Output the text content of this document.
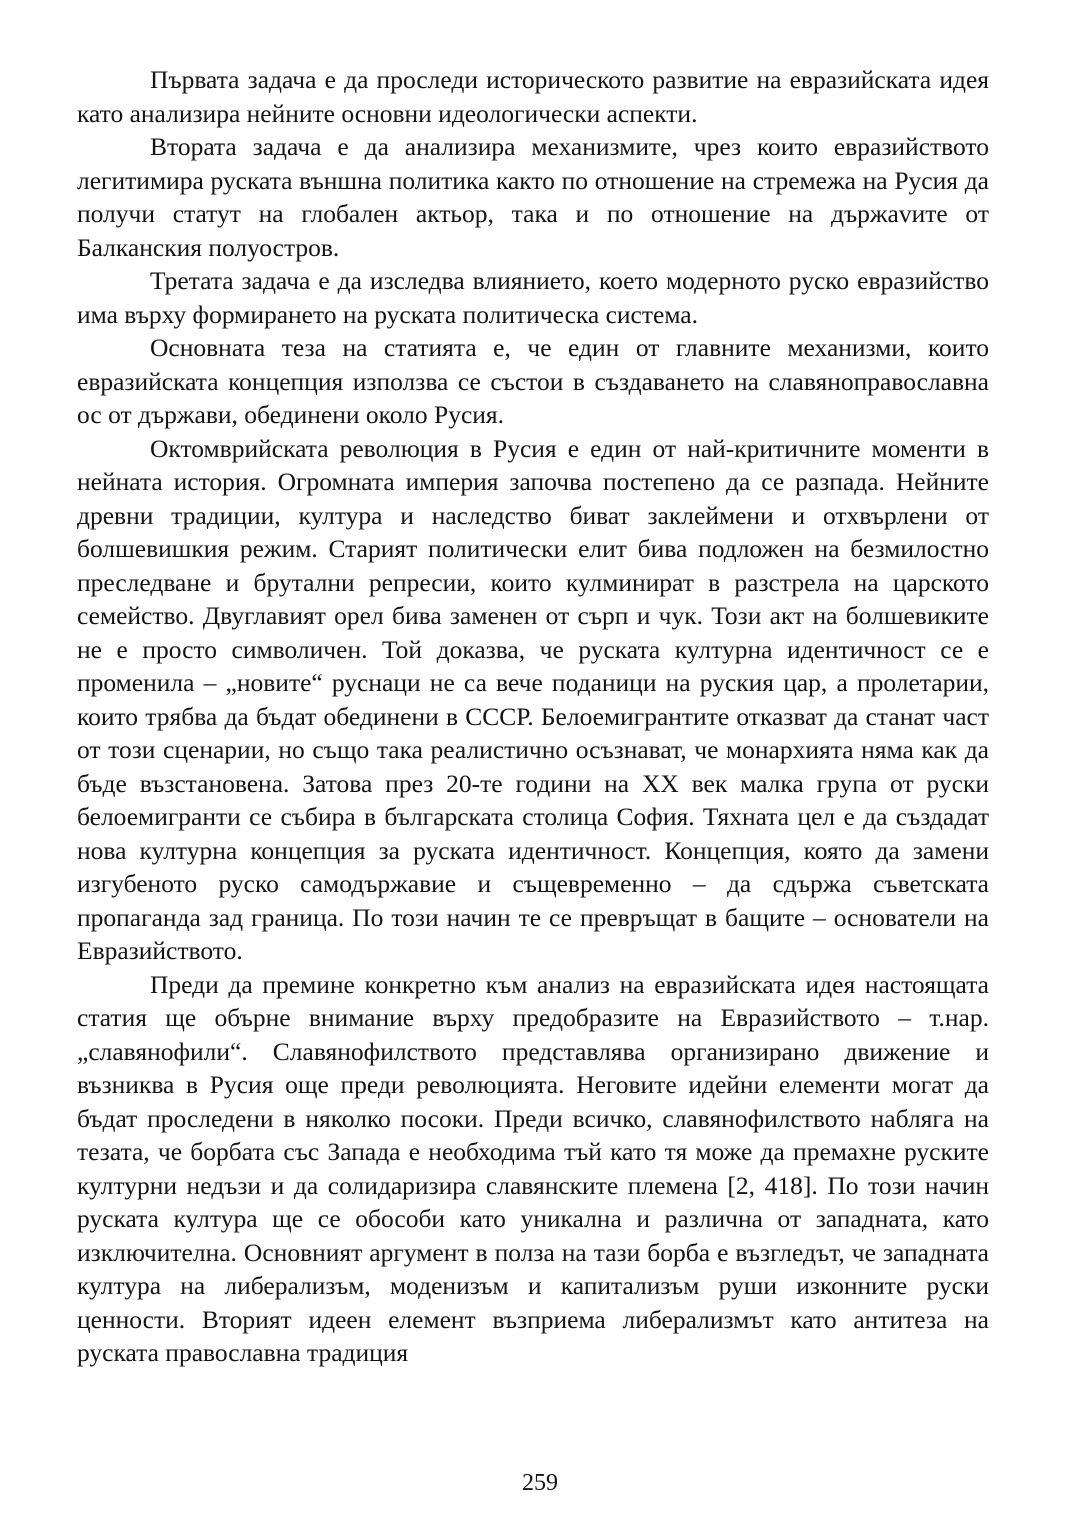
Първата задача е да проследи историческото развитие на евразийската идея като анализира нейните основни идеологически аспекти.

Втората задача е да анализира механизмите, чрез които евразийството легитимира руската външна политика както по отношение на стремежа на Русия да получи статут на глобален актьор, така и по отношение на държаvите от Балканския полуостров.

Третата задача е да изследва влиянието, което модерното руско евразийство има върху формирането на руската политическа система.

Основната теза на статията е, че един от главните механизми, които евразийската концепция използва се състои в създаването на славяноправославна ос от държави, обединени около Русия.

Октомврийската революция в Русия е един от най-критичните моменти в нейната история. Огромната империя започва постепено да се разпада. Нейните древни традиции, култура и наследство биват заклеймени и отхвърлени от болшевишкия режим. Старият политически елит бива подложен на безмилостно преследване и брутални репресии, които кулминират в разстрела на царското семейство. Двуглавият орел бива заменен от сърп и чук. Този акт на болшевиките не е просто символичен. Той доказва, че руската културна идентичност се е променила – „новите“ руснаци не са вече поданици на руския цар, а пролетарии, които трябва да бъдат обединени в СССР. Белоемигрантите отказват да станат част от този сценарии, но също така реалистично осъзнават, че монархията няма как да бъде възстановена. Затова през 20-те години на ХХ век малка група от руски белоемигранти се събира в българската столица София. Тяхната цел е да създадат нова културна концепция за руската идентичност. Концепция, която да замени изгубеното руско самодържавие и същевременно – да сдържа съветската пропаганда зад граница. По този начин те се превръщат в бащите – основатели на Евразийството.

Преди да премине конкретно към анализ на евразийската идея настоящата статия ще обърне внимание върху предобразите на Евразийството – т.нар. „славянофили“. Славянофилството представлява организирано движение и възниква в Русия още преди революцията. Неговите идейни елементи могат да бъдат проследени в няколко посоки. Преди всичко, славянофилството набляга на тезата, че борбата със Запада е необходима тъй като тя може да премахне руските културни недъзи и да солидаризира славянските племена [2, 418]. По този начин руската култура ще се обособи като уникална и различна от западната, като изключителна. Основният аргумент в полза на тази борба е възгледът, че западната култура на либерализъм, моденизъм и капитализъм руши изконните руски ценности. Вторият идеен елемент възприема либерализмът като антитеза на руската православна традиция

259
